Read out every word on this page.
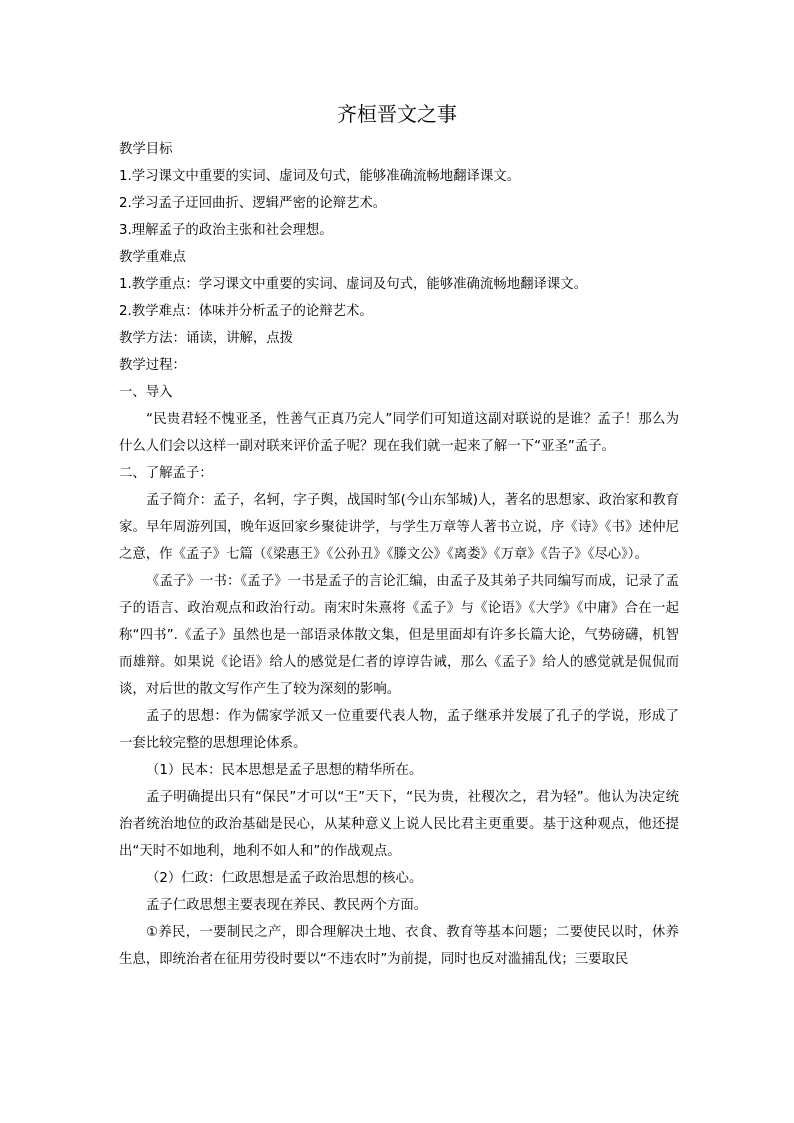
齐桓晋文之事
教学目标
1.学习课文中重要的实词、虚词及句式，能够准确流畅地翻译课文。
2.学习孟子迂回曲折、逻辑严密的论辩艺术。
3.理解孟子的政治主张和社会理想。
教学重难点
1.教学重点：学习课文中重要的实词、虚词及句式，能够准确流畅地翻译课文。
2.教学难点：体味并分析孟子的论辩艺术。
教学方法：诵读，讲解，点拨
教学过程：
一、导入
“民贵君轻不愧亚圣，性善气正真乃完人”同学们可知道这副对联说的是谁？孟子！那么为什么人们会以这样一副对联来评价孟子呢？现在我们就一起来了解一下“亚圣”孟子。
二、了解孟子：
孟子简介：孟子，名轲，字子舆，战国时邹(今山东邹城)人，著名的思想家、政治家和教育家。早年周游列国，晚年返回家乡聚徒讲学，与学生万章等人著书立说，序《诗》《书》述仲尼之意，作《孟子》七篇（《梁惠王》《公孙丑》《滕文公》《离娄》《万章》《告子》《尽心》）。
《孟子》一书：《孟子》一书是孟子的言论汇编，由孟子及其弟子共同编写而成，记录了孟子的语言、政治观点和政治行动。南宋时朱熹将《孟子》与《论语》《大学》《中庸》合在一起称“四书”.《孟子》虽然也是一部语录体散文集，但是里面却有许多长篇大论，气势磅礴，机智而雄辩。如果说《论语》给人的感觉是仁者的谆谆告诫，那么《孟子》给人的感觉就是侃侃而谈，对后世的散文写作产生了较为深刻的影响。
孟子的思想：作为儒家学派又一位重要代表人物，孟子继承并发展了孔子的学说，形成了一套比较完整的思想理论体系。
（1）民本：民本思想是孟子思想的精华所在。
孟子明确提出只有“保民”才可以“王”天下，“民为贵，社稷次之，君为轻”。他认为决定统治者统治地位的政治基础是民心，从某种意义上说人民比君主更重要。基于这种观点，他还提出“天时不如地利，地利不如人和”的作战观点。
（2）仁政：仁政思想是孟子政治思想的核心。
孟子仁政思想主要表现在养民、教民两个方面。
①养民，一要制民之产，即合理解决土地、衣食、教育等基本问题；二要使民以时，休养生息，即统治者在征用劳役时要以“不违农时”为前提，同时也反对滥捕乱伐；三要取民
